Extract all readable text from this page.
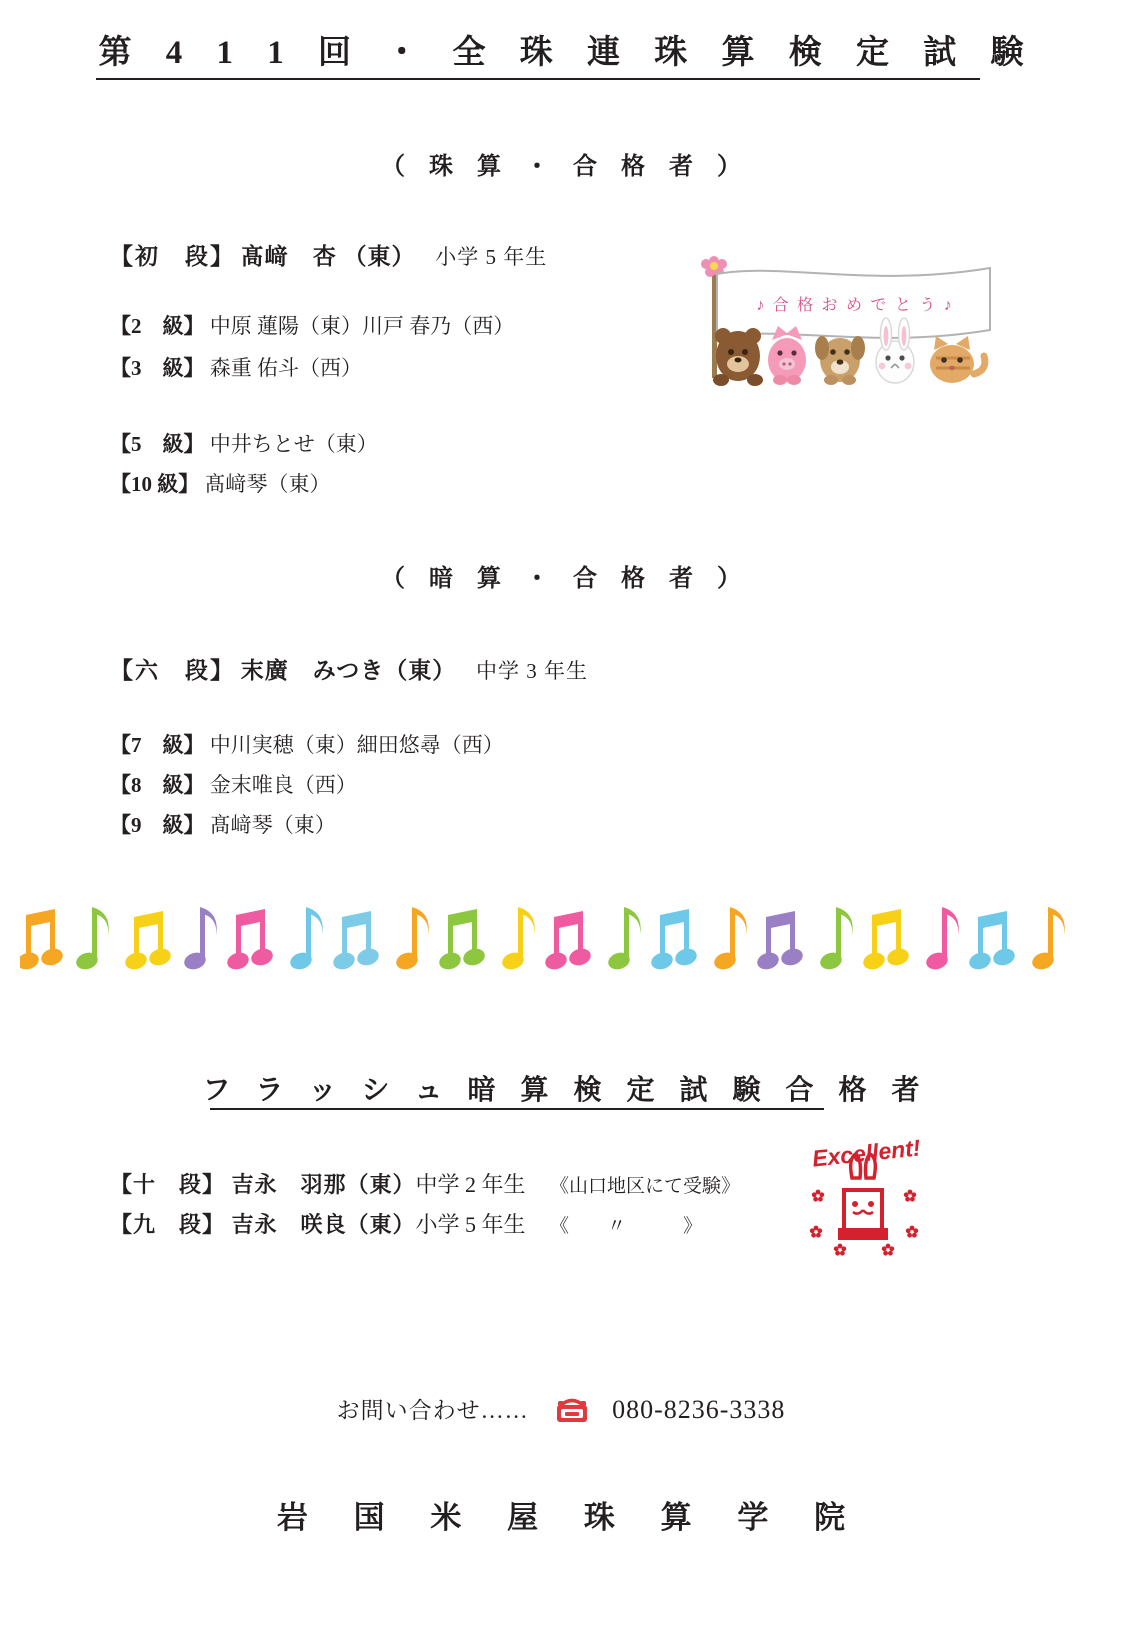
第 4 1 1 回 ・ 全 珠 連 珠 算 検 定 試 験
（ 珠 算 ・ 合 格 者 ）
【初　段】 髙﨑　杏 （東） 小学 5 年生
【2　級】 中原 蓮陽（東）川戸 春乃（西）
【3　級】 森重 佑斗（西）
【5　級】 中井ちとせ（東）
【10 級】 髙﨑琴（東）
♪ 合 格 お め で と う ♪
（ 暗 算 ・ 合 格 者 ）
【六　段】 末廣　みつき（東） 中学 3 年生
【7　級】 中川実穂（東）細田悠尋（西）
【8　級】 金末唯良（西）
【9　級】 髙﨑琴（東）
フ ラ ッ シ ュ 暗 算 検 定 試 験 合 格 者
【十　段】 吉永　羽那（東）中学 2 年生 《山口地区にて受験》
【九　段】 吉永　咲良（東）小学 5 年生 《　　〃　　　》
Excellent!
お問い合わせ……	080-8236-3338
岩 国 米 屋 珠 算 学 院
